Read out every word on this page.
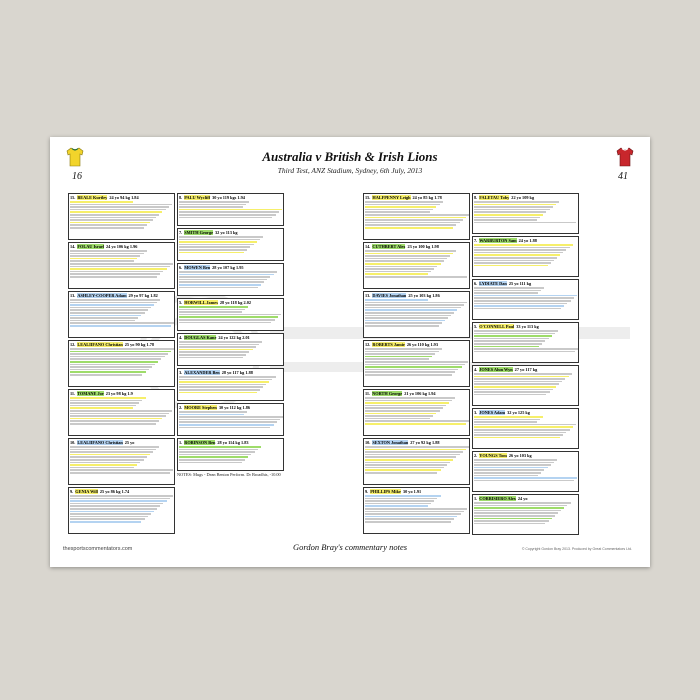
16	41
Australia v British & Irish Lions
Third Test, ANZ Stadium, Sydney, 6th July, 2013
15. BEALE Kurtley 24 yo 94 kg 1.84
14. FOLAU Israel 24 yo 106 kg 1.96
13. ASHLEY-COOPER Adam 29 yo 97 kg 1.82
12. LEALIIFANO Christian 25 yo 90 kg 1.78
11. TOMANE Joe 23 yo 98 kg 1.9
10. LEALIIFANO Christian 25 yo
9. GENIA Will 25 yo 86 kg 1.74
8. PALU Wycliff 30 yo 119 kgs 1.94
7. SMITH George 32 yo 113 kg
6. MOWEN Ben 28 yo 107 kg 1.95
5. HORWILL James 28 yo 118 kg 2.02
4. DOUGLAS Kane 24 yo 122 kg 2.01
3. ALEXANDER Ben 28 yo 117 kg 1.88
2. MOORE Stephen 30 yo 112 kg 1.86
1. ROBINSON Ben 28 yo 114 kg 1.83
15. HALFPENNY Leigh 24 yo 85 kg 1.78
14. CUTHBERT Alex 23 yo 100 kg 1.98
13. DAVIES Jonathan 25 yo 103 kg 1.86
12. ROBERTS Jamie 26 yo 110 kg 1.93
11. NORTH George 21 yo 106 kg 1.94
10. SEXTON Jonathan 27 yo 92 kg 1.88
9. PHILLIPS Mike 30 yo 1.91
8. FALETAU Toby 22 yo 109 kg
7. WARBURTON Sam 24 yo 1.88
6. LYDIATE Dan 25 yo 111 kg
5. O'CONNELL Paul 33 yo 113 kg
4. JONES Alun Wyn 27 yo 117 kg
3. JONES Adam 32 yo 125 kg
2. YOUNGS Tom 26 yo 103 kg
1. CORBISIERO Alex 24 yo
NOTES: Mugs - Dean Benton Perform. Dr Broadhis, -10.00
thesportscommentators.com	Gordon Bray's commentary notes	© Copyright Gordon Bray 2013. Produced by Great Commentators Ltd.
